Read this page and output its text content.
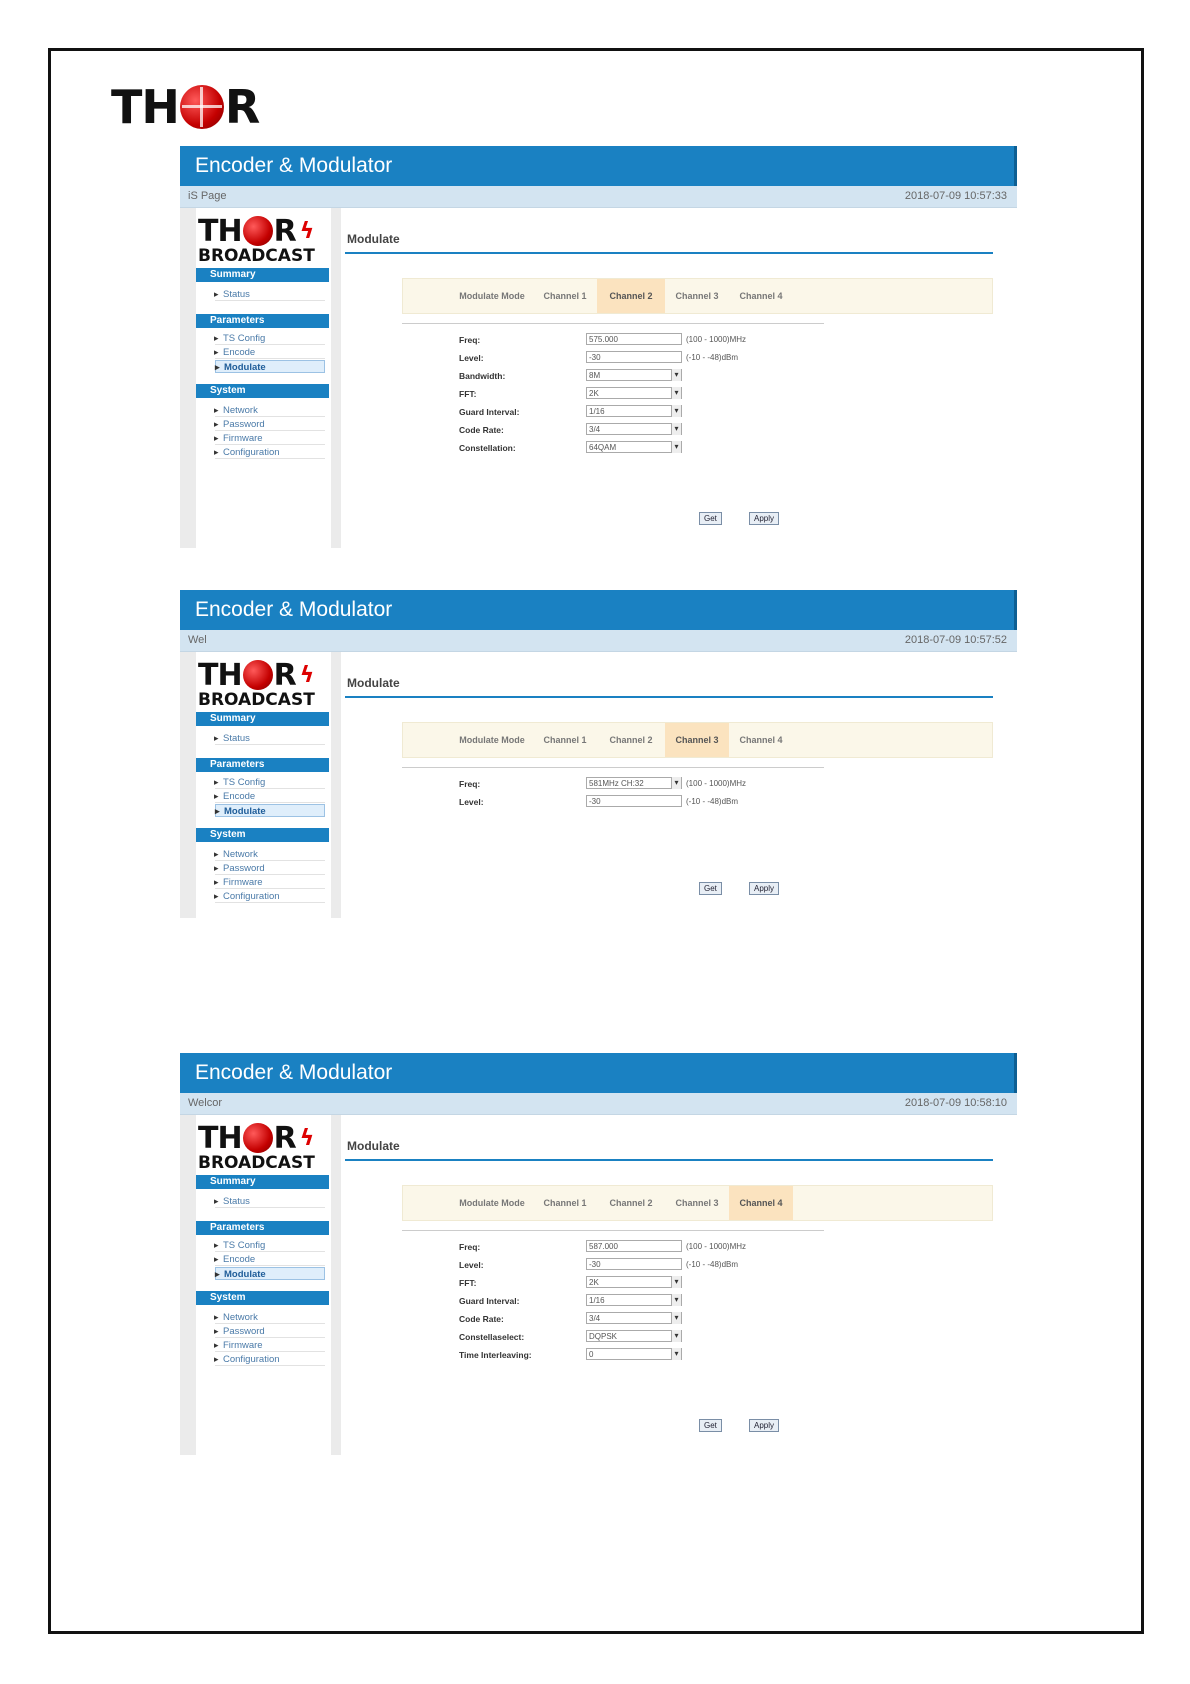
TH R
Encoder & Modulator
iS Page	2018-07-09 10:57:33
TH R ϟ
BROADCAST
Summary
▸ Status
Parameters
▸ TS Config
▸ Encode
▸ Modulate
System
▸ Network
▸ Password
▸ Firmware
▸ Configuration
Modulate
Modulate Mode	Channel 1	Channel 2	Channel 3	Channel 4
Freq:	575.000	(100 - 1000)MHz
Level:	-30	(-10 - -48)dBm
Bandwidth:	8M ▾
FFT:	2K ▾
Guard Interval:	1/16 ▾
Code Rate:	3/4 ▾
Constellation:	64QAM ▾
Get	Apply
Encoder & Modulator
Wel	2018-07-09 10:57:52
TH R ϟ
BROADCAST
Summary
▸ Status
Parameters
▸ TS Config
▸ Encode
▸ Modulate
System
▸ Network
▸ Password
▸ Firmware
▸ Configuration
Modulate
Modulate Mode	Channel 1	Channel 2	Channel 3	Channel 4
Freq:	581MHz CH:32 ▾	(100 - 1000)MHz
Level:	-30	(-10 - -48)dBm
Get	Apply
Encoder & Modulator
Welcor	2018-07-09 10:58:10
TH R ϟ
BROADCAST
Summary
▸ Status
Parameters
▸ TS Config
▸ Encode
▸ Modulate
System
▸ Network
▸ Password
▸ Firmware
▸ Configuration
Modulate
Modulate Mode	Channel 1	Channel 2	Channel 3	Channel 4
Freq:	587.000	(100 - 1000)MHz
Level:	-30	(-10 - -48)dBm
FFT:	2K ▾
Guard Interval:	1/16 ▾
Code Rate:	3/4 ▾
Constellaselect:	DQPSK ▾
Time Interleaving:	0 ▾
Get	Apply
